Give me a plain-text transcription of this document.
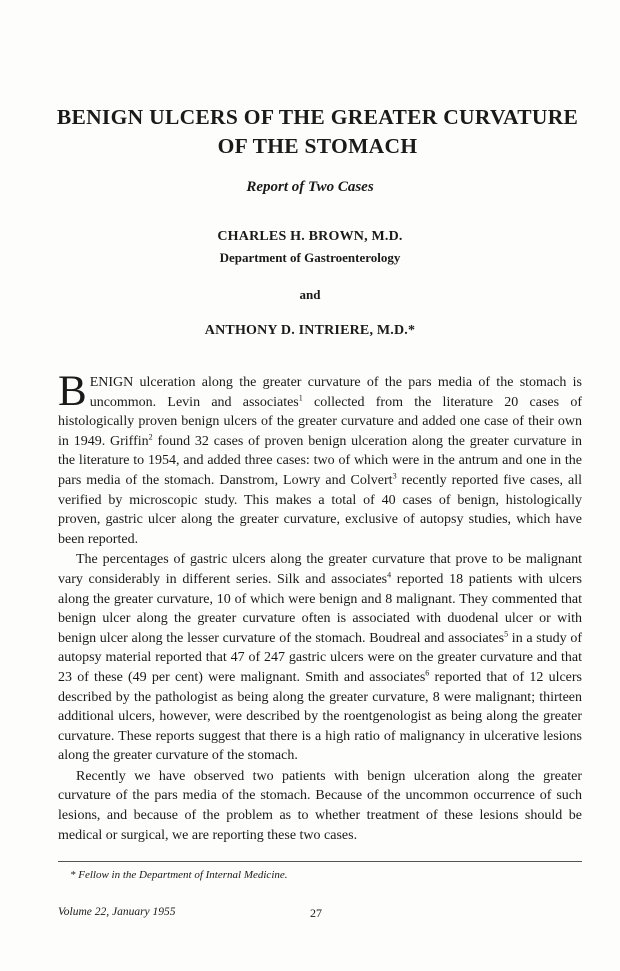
BENIGN ULCERS OF THE GREATER CURVATURE OF THE STOMACH
Report of Two Cases
CHARLES H. BROWN, M.D.
Department of Gastroenterology
and
ANTHONY D. INTRIERE, M.D.*

BENIGN ulceration along the greater curvature of the pars media of the stomach is uncommon. Levin and associates$^1$ collected from the literature 20 cases of histologically proven benign ulcers of the greater curvature and added one case of their own in 1949. Griffin$^2$ found 32 cases of proven benign ulceration along the greater curvature in the literature to 1954, and added three cases: two of which were in the antrum and one in the pars media of the stomach. Danstrom, Lowry and Colvert$^3$ recently reported five cases, all verified by microscopic study. This makes a total of 40 cases of benign, histologically proven, gastric ulcer along the greater curvature, exclusive of autopsy studies, which have been reported.

The percentages of gastric ulcers along the greater curvature that prove to be malignant vary considerably in different series. Silk and associates$^4$ reported 18 patients with ulcers along the greater curvature, 10 of which were benign and 8 malignant. They commented that benign ulcer along the greater curvature often is associated with duodenal ulcer or with benign ulcer along the lesser curvature of the stomach. Boudreal and associates$^5$ in a study of autopsy material reported that 47 of 247 gastric ulcers were on the greater curvature and that 23 of these (49 per cent) were malignant. Smith and associates$^6$ reported that of 12 ulcers described by the pathologist as being along the greater curvature, 8 were malignant; thirteen additional ulcers, however, were described by the roentgenologist as being along the greater curvature. These reports suggest that there is a high ratio of malignancy in ulcerative lesions along the greater curvature of the stomach.

Recently we have observed two patients with benign ulceration along the greater curvature of the pars media of the stomach. Because of the uncommon occurrence of such lesions, and because of the problem as to whether treatment of these lesions should be medical or surgical, we are reporting these two cases.

* Fellow in the Department of Internal Medicine.
Volume 22, January 1955	27
